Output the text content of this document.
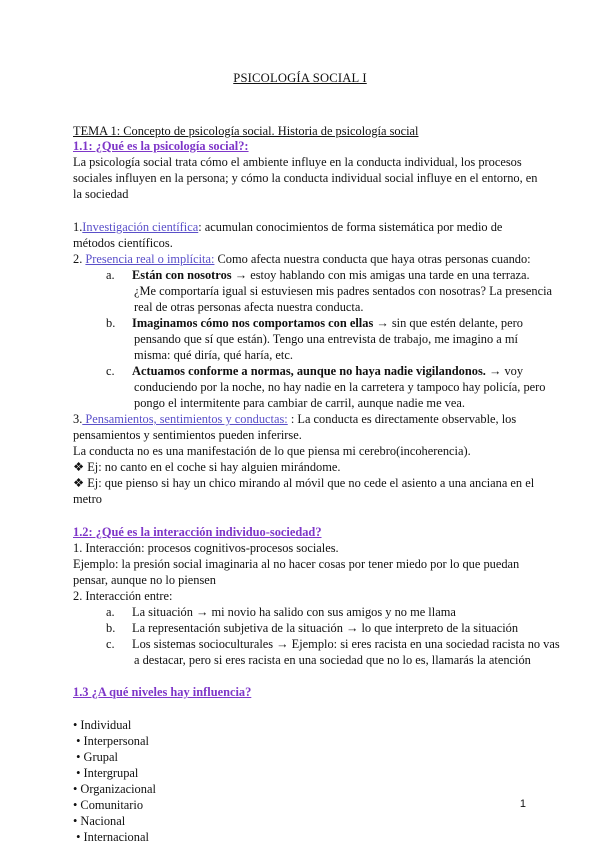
PSICOLOGÍA SOCIAL I
TEMA 1: Concepto de psicología social. Historia de psicología social
1.1: ¿Qué es la psicología social?:
La psicología social trata cómo el ambiente influye en la conducta individual, los procesos
sociales influyen en la persona; y cómo la conducta individual social influye en el entorno, en
la sociedad
1.Investigación científica: acumulan conocimientos de forma sistemática por medio de
métodos científicos.
2. Presencia real o implícita: Como afecta nuestra conducta que haya otras personas cuando:
a. Están con nosotros → estoy hablando con mis amigas una tarde en una terraza.
¿Me comportaría igual si estuviesen mis padres sentados con nosotras? La presencia
real de otras personas afecta nuestra conducta.
b. Imaginamos cómo nos comportamos con ellas → sin que estén delante, pero
pensando que sí que están). Tengo una entrevista de trabajo, me imagino a mí
misma: qué diría, qué haría, etc.
c. Actuamos conforme a normas, aunque no haya nadie vigilandonos. → voy
conduciendo por la noche, no hay nadie en la carretera y tampoco hay policía, pero
pongo el intermitente para cambiar de carril, aunque nadie me vea.
3. Pensamientos, sentimientos y conductas: : La conducta es directamente observable, los
pensamientos y sentimientos pueden inferirse.
La conducta no es una manifestación de lo que piensa mi cerebro(incoherencia).
❖ Ej: no canto en el coche si hay alguien mirándome.
❖ Ej: que pienso si hay un chico mirando al móvil que no cede el asiento a una anciana en el
metro
1.2: ¿Qué es la interacción individuo-sociedad?
1. Interacción: procesos cognitivos-procesos sociales.
Ejemplo: la presión social imaginaria al no hacer cosas por tener miedo por lo que puedan
pensar, aunque no lo piensen
2. Interacción entre:
a. La situación → mi novio ha salido con sus amigos y no me llama
b. La representación subjetiva de la situación → lo que interpreto de la situación
c. Los sistemas socioculturales → Ejemplo: si eres racista en una sociedad racista no vas
a destacar, pero si eres racista en una sociedad que no lo es, llamarás la atención
1.3 ¿A qué niveles hay influencia?
• Individual
• Interpersonal
• Grupal
• Intergrupal
• Organizacional
• Comunitario
• Nacional
• Internacional
1
